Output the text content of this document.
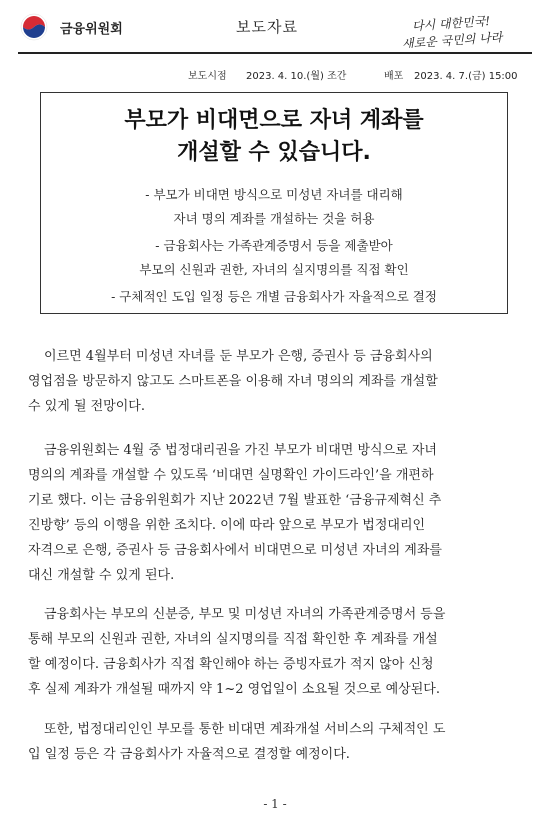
금융위원회	보도자료	다시 대한민국!
새로운 국민의 나라
보도시점 2023. 4. 10.(월) 조간	배포 2023. 4. 7.(금) 15:00
부모가 비대면으로 자녀 계좌를
개설할 수 있습니다.
- 부모가 비대면 방식으로 미성년 자녀를 대리해
자녀 명의 계좌를 개설하는 것을 허용
- 금융회사는 가족관계증명서 등을 제출받아
부모의 신원과 권한, 자녀의 실지명의를 직접 확인
- 구체적인 도입 일정 등은 개별 금융회사가 자율적으로 결정
이르면 4월부터 미성년 자녀를 둔 부모가 은행, 증권사 등 금융회사의
영업점을 방문하지 않고도 스마트폰을 이용해 자녀 명의의 계좌를 개설할
수 있게 될 전망이다.
금융위원회는 4월 중 법정대리권을 가진 부모가 비대면 방식으로 자녀
명의의 계좌를 개설할 수 있도록 ‘비대면 실명확인 가이드라인’을 개편하
기로 했다. 이는 금융위원회가 지난 2022년 7월 발표한 ‘금융규제혁신 추
진방향’ 등의 이행을 위한 조치다. 이에 따라 앞으로 부모가 법정대리인
자격으로 은행, 증권사 등 금융회사에서 비대면으로 미성년 자녀의 계좌를
대신 개설할 수 있게 된다.
금융회사는 부모의 신분증, 부모 및 미성년 자녀의 가족관계증명서 등을
통해 부모의 신원과 권한, 자녀의 실지명의를 직접 확인한 후 계좌를 개설
할 예정이다. 금융회사가 직접 확인해야 하는 증빙자료가 적지 않아 신청
후 실제 계좌가 개설될 때까지 약 1~2 영업일이 소요될 것으로 예상된다.
또한, 법정대리인인 부모를 통한 비대면 계좌개설 서비스의 구체적인 도
입 일정 등은 각 금융회사가 자율적으로 결정할 예정이다.
- 1 -
